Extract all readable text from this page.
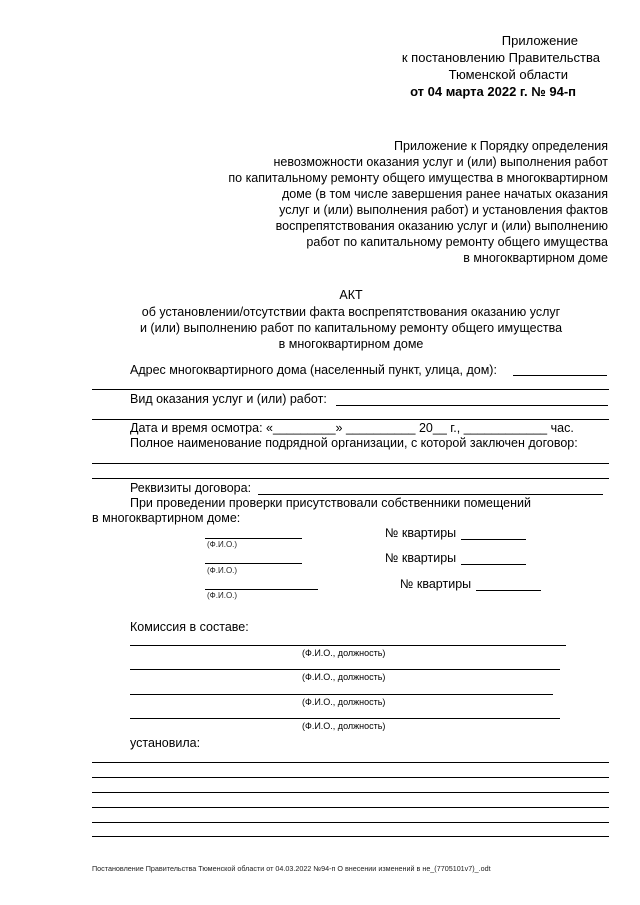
Приложение
к постановлению Правительства
Тюменской области
от 04 марта 2022 г. № 94-п
Приложение к Порядку определения
невозможности оказания услуг и (или) выполнения работ
по капитальному ремонту общего имущества в многоквартирном
доме (в том числе завершения ранее начатых оказания
услуг и (или) выполнения работ) и установления фактов
воспрепятствования оказанию услуг и (или) выполнению
работ по капитальному ремонту общего имущества
в многоквартирном доме
АКТ
об установлении/отсутствии факта воспрепятствования оказанию услуг
и (или) выполнению работ по капитальному ремонту общего имущества
в многоквартирном доме
Адрес многоквартирного дома (населенный пункт, улица, дом):
Вид оказания услуг и (или) работ:
Дата и время осмотра: «_________» __________ 20__ г., ____________ час.
Полное наименование подрядной организации, с которой заключен договор:
Реквизиты договора:
При проведении проверки присутствовали собственники помещений
в многоквартирном доме:
(Ф.И.О.)
№ квартиры
(Ф.И.О.)
№ квартиры
(Ф.И.О.)
№ квартиры
Комиссия в составе:
(Ф.И.О., должность)
(Ф.И.О., должность)
(Ф.И.О., должность)
(Ф.И.О., должность)
установила:
Постановление Правительства Тюменской области от 04.03.2022 №94-п О внесении изменений в не_(7705101v7)_.odt
